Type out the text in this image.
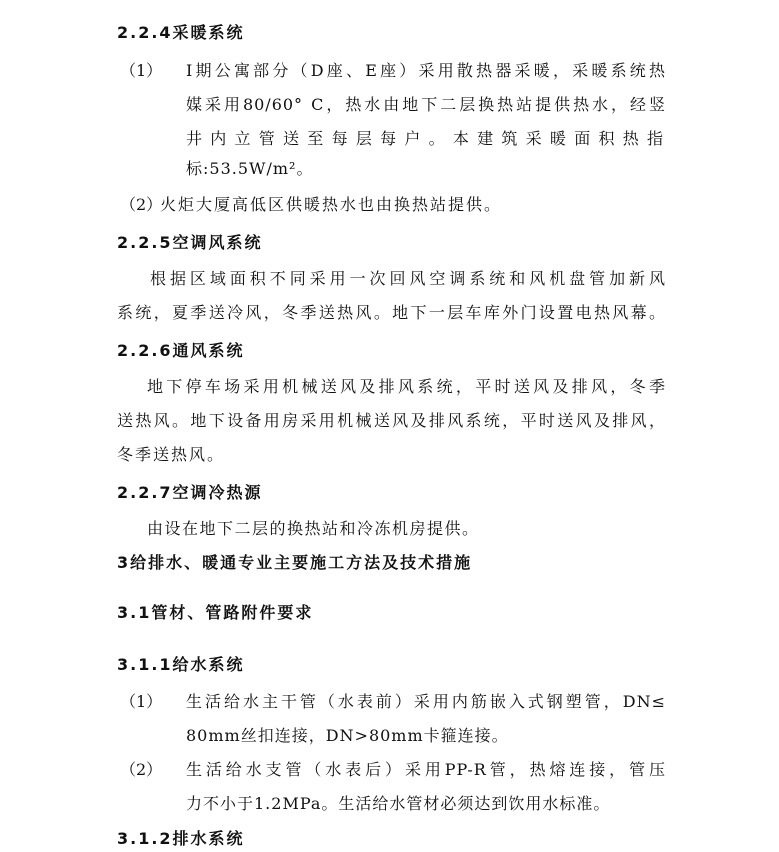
2.2.4采暖系统
（1） I期公寓部分（D座、E座）采用散热器采暖，采暖系统热
媒采用80/60° C，热水由地下二层换热站提供热水，经竖
井内立管送至每层每户。本建筑采暖面积热指
标:53.5W/m²。
（2）
火炬大厦高低区供暖热水也由换热站提供。
2.2.5空调风系统
根据区域面积不同采用一次回风空调系统和风机盘管加新风
系统，夏季送冷风，冬季送热风。地下一层车库外门设置电热风幕。
2.2.6通风系统
地下停车场采用机械送风及排风系统，平时送风及排风，冬季
送热风。地下设备用房采用机械送风及排风系统，平时送风及排风，
冬季送热风。
2.2.7空调冷热源
由设在地下二层的换热站和冷冻机房提供。
3给排水、暖通专业主要施工方法及技术措施
3.1管材、管路附件要求
3.1.1给水系统
（1） 生活给水主干管（水表前）采用内筋嵌入式钢塑管，DN≤
80mm丝扣连接，DN>80mm卡箍连接。
（2） 生活给水支管（水表后）采用PP-R管，热熔连接，管压
力不小于1.2MPa。生活给水管材必须达到饮用水标准。
3.1.2排水系统
